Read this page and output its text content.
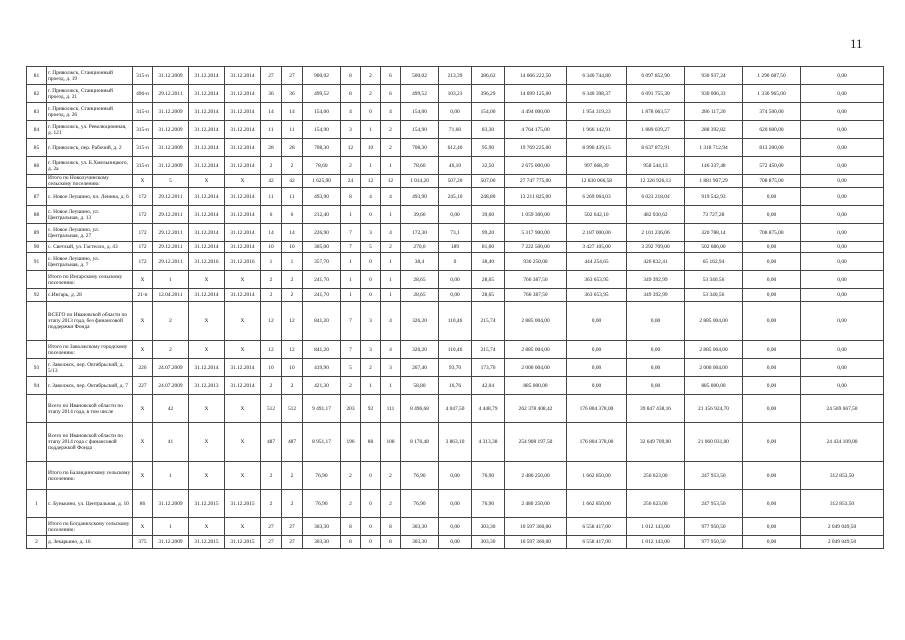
11
81	г. Приволжск, Станционный проезд, д. 19	315-п	31.12.2009	31.12.2014	31.12.2014	27	27	900,02	8	2	6	500,02	213,39	286,63	14 666 222,50	6 346 744,80	6 097 852,90	930 937,24	1 290 687,50	0,00
82	г. Приволжск, Станционный проезд, д. 21	496-п	29.12.2011	31.12.2014	31.12.2014	36	36	499,52	8	2	6	499,52	103,23	396,29	14 699 125,00	6 340 398,37	6 091 755,30	930 006,33	1 336 965,00	0,00
83	г. Приволжск, Станционный проезд, д. 26	315-п	31.12.2009	31.12.2014	31.12.2014	14	14	154,00	4	0	4	154,00	0,00	154,00	4 494 000,00	1 954 319,23	1 878 063,57	286 117,20	374 500,00	0,00
84	г. Приволжск, ул. Революционная, д. 121	315-п	31.12.2009	31.12.2014	31.12.2014	11	11	154,90	3	1	2	154,90	71,60	83,30	4 764 175,00	1 966 142,91	1 889 039,27	288 392,82	620 600,00	0,00
85	г. Приволжск, пер. Рабочий, д. 2	315-п	31.12.2009	31.12.2014	31.12.2014	28	28	708,30	12	10	2	708,30	612,40	95,90	19 769 225,00	8 990 439,15	8 637 872,91	1 318 712,94	813 200,00	0,00
86	г. Приволжск, ул. Б.Хмельницкого, д. 2а	315-п	31.12.2009	31.12.2014	31.12.2014	2	2	78,60	2	1	1	78,60	46,10	32,50	2 675 000,00	997 668,39	958 544,13	146 337,48	572 450,00	0,00
	Итого по Новолучинскому сельскому поселению:	X	5	X	X	42	42	1 625,90	24	12	12	1 014,20	507,20	507,00	27 747 775,00	12 830 066,58	12 326 926,13	1 881 907,29	708 875,00	0,00
87	с. Новое Леушино, пл. Ленина, д. 6	172	29.12.2011	31.12.2014	31.12.2014	11	11	493,90	8	4	4	493,90	245,10	248,80	13 211 825,00	6 269 064,03	6 023 218,04	919 542,93	0,00	0,00
88	с. Новое Леушино, ул. Центральная, д. 13	172	29.12.2011	31.12.2014	31.12.2014	6	6	212,40	1	0	1	39,60	0,00	39,60	1 059 300,00	502 642,10	482 930,62	73 727,28	0,00	0,00
89	с. Новое Леушино, ул. Центральная, д. 27	172	29.12.2011	31.12.2014	31.12.2014	14	14	226,90	7	3	4	172,30	73,1	99,20	5 317 900,00	2 187 000,00	2 101 236,06	320 788,14	708 875,00	0,00
90	с. Светлый, ул. Гастелло, д. 43	172	29.12.2011	31.12.2014	31.12.2014	10	10	305,00	7	5	2	270,0	189	81,00	7 222 500,00	3 427 105,00	3 292 709,00	502 686,00	0,00	0,00
91	с. Новое Леушино, ул. Центральная, д. 7	172	29.12.2011	31.12.2016	31.12.2016	1	1	357,70	1	0	1	38,4	0	38,40	936 250,00	444 254,65	426 832,41	65 162,94	0,00	0,00
	Итого по Ингарскому сельскому поселению:	X	1	X	X	2	2	241,70	1	0	1	28,65	0,00	28,65	766 387,50	363 653,95	349 392,99	53 340,56	0,00	0,00
92	с.Ингарь, д. 28	21-п	12.04.2011	31.12.2014	31.12.2014	2	2	241,70	1	0	1	28,65	0,00	28,65	766 387,50	363 653,95	349 392,99	53 340,56	0,00	0,00
	ВСЕГО по Ивановской области по этапу 2013 года, без финансовой поддержки Фонда	X	2	X	X	12	12	841,20	7	3	4	326,20	110,46	215,74	2 885 004,00	0,00	0,00	2 885 004,00	0,00	0,00
	Итого по Заволжскому городскому поселению:	X	2	X	X	12	12	841,20	7	3	4	326,20	110,46	215,74	2 885 004,00	0,00	0,00	2 885 004,00	0,00	0,00
93	г. Заволжск, пер. Октябрьский, д. 5/13	226	24.07.2009	31.12.2014	31.12.2014	10	10	419,90	5	2	3	267,40	93,70	173,70	2 000 004,00	0,00	0,00	2 000 004,00	0,00	0,00
94	г. Заволжск, пер. Октябрьский, д. 7	227	24.07.2009	31.12.2013	31.12.2014	2	2	421,30	2	1	1	58,80	16,76	42,04	885 000,00	0,00	0,00	885 000,00	0,00	0,00
	Всего по Ивановской области по этапу 2014 года, в том числе	X	42	X	X	512	512	9 491,17	203	92	111	8 496,68	4 047,50	4 448,79	262 378 408,42	176 804 378,00	39 847 438,16	21 156 924,70	0,00	24 569 667,50
	Всего по Ивановской области по этапу 2014 года с финансовой поддержкой Фонда	X	41	X	X	487	487	8 951,17	196	88	108	8 176,48	3 863,10	4 313,38	254 908 197,50	176 804 378,00	32 649 709,00	21 060 031,00	0,00	24 434 109,00
	Итого по Баландинскому сельскому поселению:	X	1	X	X	2	2	76,90	2	0	2	76,90	0,00	76,90	2 480 250,00	1 662 850,00	256 623,00	247 953,50	0,00	312 853,50
1	с. Бунькино, ул. Центральная, д. 10	86	31.12.2009	31.12.2015	31.12.2015	2	2	76,90	2	0	2	76,90	0,00	76,90	2 480 250,00	1 662 850,00	256 623,00	247 953,50	0,00	312 853,50
	Итого по Богданихскому сельскому поселению:	X	1	X	X	27	27	303,30	8	0	8	303,30	0,00	303,30	10 597 360,00	6 558 417,00	1 012 143,00	977 950,50	0,00	2 049 049,50
2	д. Зекарьино, д. 16	375	31.12.2009	31.12.2015	31.12.2015	27	27	303,30	8	0	8	303,30	0,00	303,30	10 597 360,00	6 558 417,00	1 012 143,00	977 950,50	0,00	2 049 049,50
